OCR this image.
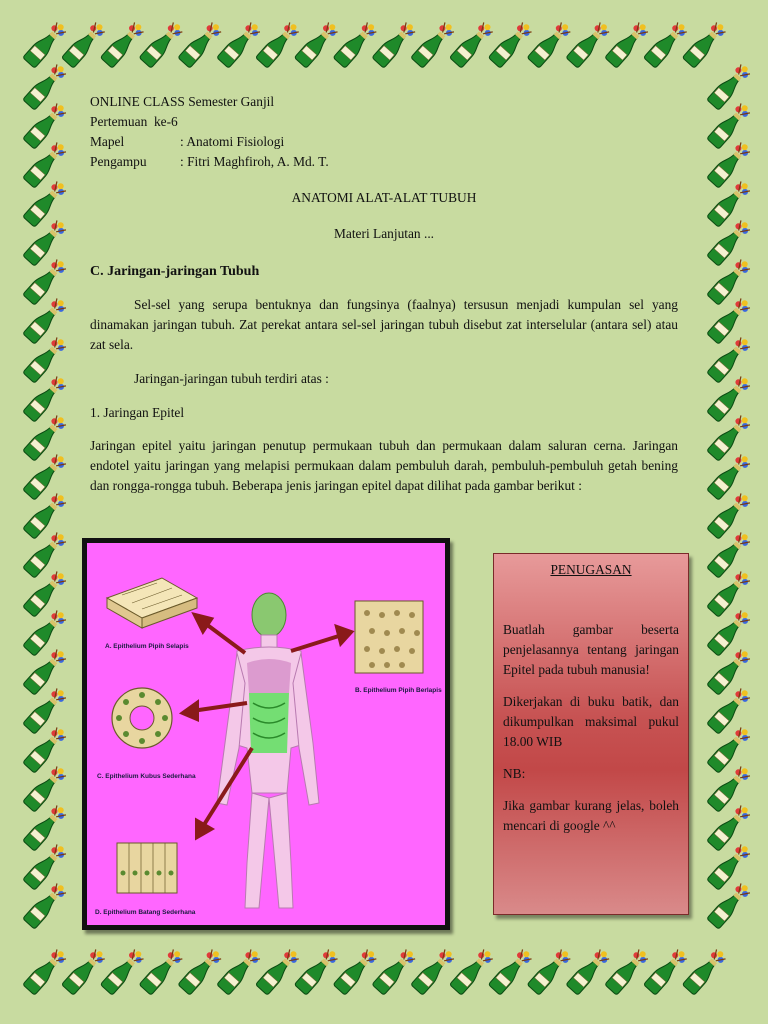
ONLINE CLASS Semester Ganjil
Pertemuan  ke-6
Mapel	: Anatomi Fisiologi
Pengampu : Fitri Maghfiroh, A. Md. T.
ANATOMI ALAT-ALAT TUBUH
Materi Lanjutan ...
C. Jaringan-jaringan Tubuh
Sel-sel yang serupa bentuknya dan fungsinya (faalnya) tersusun menjadi kumpulan sel yang dinamakan jaringan tubuh. Zat perekat antara sel-sel jaringan tubuh disebut zat interselular (antara sel) atau zat sela.
Jaringan-jaringan tubuh terdiri atas :
1. Jaringan Epitel
Jaringan epitel yaitu jaringan penutup permukaan tubuh dan permukaan dalam saluran cerna. Jaringan endotel yaitu jaringan yang melapisi permukaan dalam pembuluh darah, pembuluh-pembuluh getah bening dan rongga-rongga tubuh. Beberapa jenis jaringan epitel dapat dilihat pada gambar berikut :
A. Epithelium Pipih Selapis
B. Epithelium Pipih Berlapis
C. Epithelium Kubus Sederhana
D. Epithelium Batang Sederhana
PENUGASAN

Buatlah gambar beserta penjelasannya tentang jaringan Epitel pada tubuh manusia!

Dikerjakan di buku batik, dan dikumpulkan maksimal pukul 18.00 WIB

NB:

Jika gambar kurang jelas, boleh mencari di google ^^
